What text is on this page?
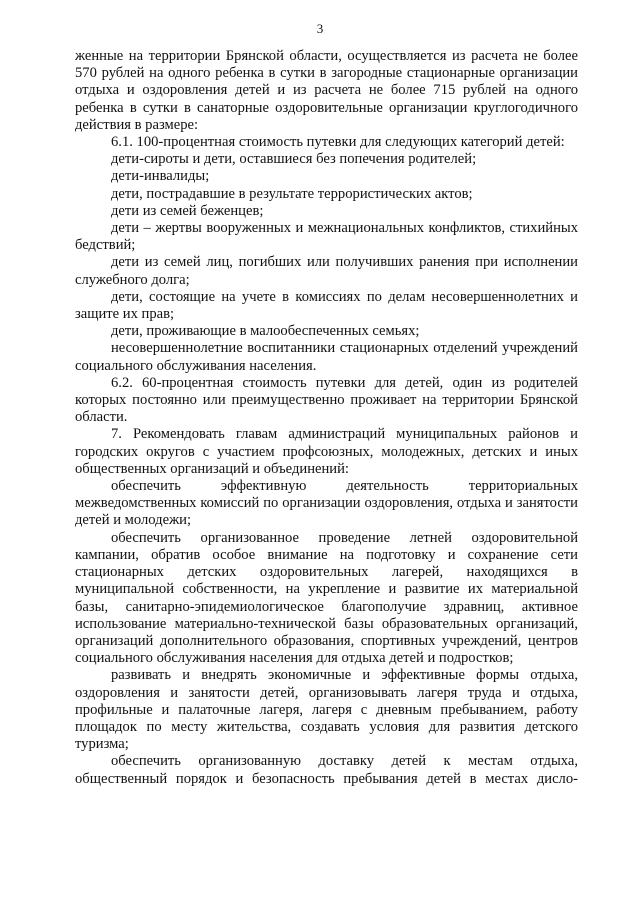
3

женные на территории Брянской области, осуществляется из расчета не более 570 рублей на одного ребенка в сутки в загородные стационарные организации отдыха и оздоровления детей и из расчета не более 715 рублей на одного ребенка в сутки в санаторные оздоровительные организации круглогодичного действия в размере:

6.1. 100-процентная стоимость путевки для следующих категорий детей:

дети-сироты и дети, оставшиеся без попечения родителей;

дети-инвалиды;

дети, пострадавшие в результате террористических актов;

дети из семей беженцев;

дети – жертвы вооруженных и межнациональных конфликтов, стихийных бедствий;

дети из семей лиц, погибших или получивших ранения при исполнении служебного долга;

дети, состоящие на учете в комиссиях по делам несовершеннолетних и защите их прав;

дети, проживающие в малообеспеченных семьях;

несовершеннолетние воспитанники стационарных отделений учреждений социального обслуживания населения.

6.2. 60-процентная стоимость путевки для детей, один из родителей которых постоянно или преимущественно проживает на территории Брянской области.

7. Рекомендовать главам администраций муниципальных районов и городских округов с участием профсоюзных, молодежных, детских и иных общественных организаций и объединений:

обеспечить эффективную деятельность территориальных межведомственных комиссий по организации оздоровления, отдыха и занятости детей и молодежи;

обеспечить организованное проведение летней оздоровительной кампании, обратив особое внимание на подготовку и сохранение сети стационарных детских оздоровительных лагерей, находящихся в муниципальной собственности, на укрепление и развитие их материальной базы, санитарно-эпидемиологическое благополучие здравниц, активное использование материально-технической базы образовательных организаций, организаций дополнительного образования, спортивных учреждений, центров социального обслуживания населения для отдыха детей и подростков;

развивать и внедрять экономичные и эффективные формы отдыха, оздоровления и занятости детей, организовывать лагеря труда и отдыха, профильные и палаточные лагеря, лагеря с дневным пребыванием, работу площадок по месту жительства, создавать условия для развития детского туризма;

обеспечить организованную доставку детей к местам отдыха, общественный порядок и безопасность пребывания детей в местах дисло-
